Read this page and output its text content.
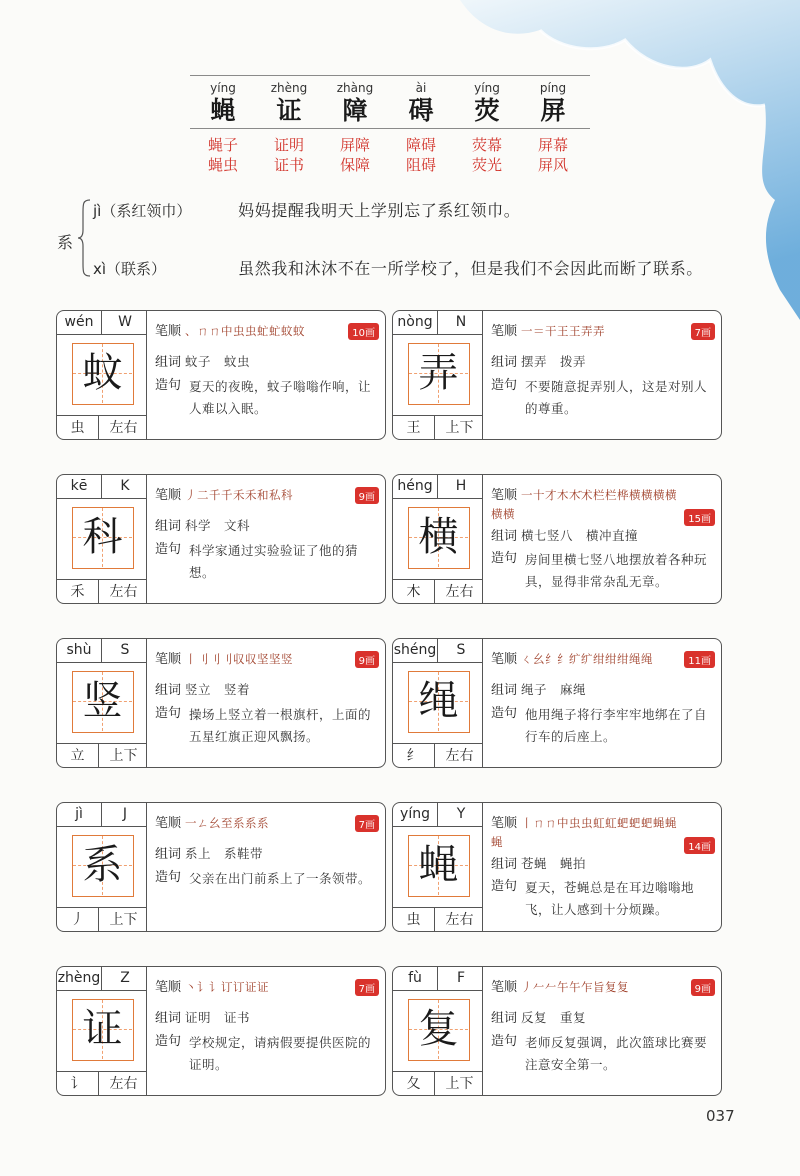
yíng	zhèng	zhàng	ài	yíng	píng
蝇	证	障	碍	荧	屏
蝇子	证明	屏障	障碍	荧幕	屏幕
蝇虫	证书	保障	阻碍	荧光	屏风
系
jì（系红领巾）	妈妈提醒我明天上学别忘了系红领巾。
xì（联系）	虽然我和沐沐不在一所学校了，但是我们不会因此而断了联系。
wén	W
蚊
虫	左右
笔顺 、ㄇㄇ中虫虫虻虻蚊蚊	10画
组词 蚊子　蚊虫
造句 夏天的夜晚，蚊子嗡嗡作响，让人难以入眠。
nòng	N
弄
王	上下
笔顺 一＝干王王弄弄	7画
组词 摆弄　拨弄
造句 不要随意捉弄别人，这是对别人的尊重。
kē	K
科
禾	左右
笔顺 丿二千千禾禾和私科	9画
组词 科学　文科
造句 科学家通过实验验证了他的猜想。
héng	H
横
木	左右
笔顺 一十才木木̄术栏栏桦横横横横横横	15画
组词 横七竖八　横冲直撞
造句 房间里横七竖八地摆放着各种玩具，显得非常杂乱无章。
shù	S
竖
立	上下
笔顺 丨刂刂刂収収坚坚竖	9画
组词 竖立　竖着
造句 操场上竖立着一根旗杆，上面的五星红旗正迎风飘扬。
shéng	S
绳
纟	左右
笔顺 ㄑ幺纟纟纩纩绀绀绀绳绳	11画
组词 绳子　麻绳
造句 他用绳子将行李牢牢地绑在了自行车的后座上。
jì	J
系
丿	上下
笔顺 一ㄥ幺至系系系	7画
组词 系上　系鞋带
造句 父亲在出门前系上了一条领带。
yíng	Y
蝇
虫	左右
笔顺 丨ㄇㄇ中虫虫虹虹蚆蚆蚆蝇蝇蝇	14画
组词 苍蝇　蝇拍
造句 夏天，苍蝇总是在耳边嗡嗡地飞，让人感到十分烦躁。
zhèng	Z
证
讠	左右
笔顺 丶讠讠订订证证	7画
组词 证明　证书
造句 学校规定，请病假要提供医院的证明。
fù	F
复
夂	上下
笔顺 丿𠂉𠂉午午乍旨复复	9画
组词 反复　重复
造句 老师反复强调，此次篮球比赛要注意安全第一。
037
